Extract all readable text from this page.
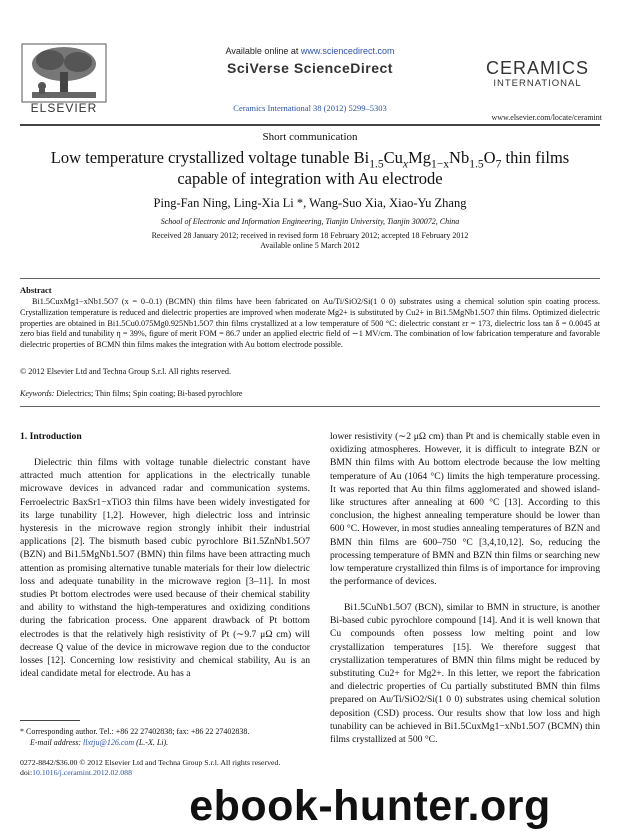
ELSEVIER
Available online at www.sciencedirect.com
SciVerse ScienceDirect
Ceramics International 38 (2012) 5299–5303
CERAMICS
INTERNATIONAL
www.elsevier.com/locate/ceramint
Short communication
Low temperature crystallized voltage tunable $Bi_{1.5}Cu_xMg_{1-x}Nb_{1.5}O_7$ thin films capable of integration with Au electrode
Ping-Fan Ning, Ling-Xia Li *, Wang-Suo Xia, Xiao-Yu Zhang
School of Electronic and Information Engineering, Tianjin University, Tianjin 300072, China
Received 28 January 2012; received in revised form 18 February 2012; accepted 18 February 2012
Available online 5 March 2012
Abstract
Bi1.5CuxMg1−xNb1.5O7 (x = 0–0.1) (BCMN) thin films have been fabricated on Au/Ti/SiO2/Si(1 0 0) substrates using a chemical solution spin coating process. Crystallization temperature is reduced and dielectric properties are improved when moderate Mg2+ is substituted by Cu2+ in Bi1.5MgNb1.5O7 thin films. Optimized dielectric properties are obtained in Bi1.5Cu0.075Mg0.925Nb1.5O7 thin films crystallized at a low temperature of 500 °C: dielectric constant εr = 173, dielectric loss tan δ = 0.0045 at zero bias field and tunability η = 39%, figure of merit FOM = 86.7 under an applied electric field of ∼1 MV/cm. The combination of low fabrication temperature and favorable dielectric properties of BCMN thin films makes the integration with Au bottom electrode possible.
© 2012 Elsevier Ltd and Techna Group S.r.l. All rights reserved.
Keywords: Dielectrics; Thin films; Spin coating; Bi-based pyrochlore
1. Introduction
Dielectric thin films with voltage tunable dielectric constant have attracted much attention for applications in the electrically tunable microwave devices in advanced radar and communication systems. Ferroelectric BaxSr1−xTiO3 thin films have been widely investigated for its large tunability [1,2]. However, high dielectric loss and intrinsic hysteresis in the microwave region strongly inhibit their industrial applications [2]. The bismuth based cubic pyrochlore Bi1.5ZnNb1.5O7 (BZN) and Bi1.5MgNb1.5O7 (BMN) thin films have been attracting much attention as promising alternative tunable materials for their low dielectric loss and adequate tunability in the microwave region [3–11]. In most studies Pt bottom electrodes were used because of their chemical stability and ability to withstand the high-temperatures and oxidizing conditions during the fabrication process. One apparent drawback of Pt bottom electrodes is that the relatively high resistivity of Pt (∼9.7 μΩ cm) will decrease Q value of the device in microwave region due to the conductor losses [12]. Concerning low resistivity and chemical stability, Au is an ideal candidate metal for electrode. Au has a
lower resistivity (∼2 μΩ cm) than Pt and is chemically stable even in oxidizing atmospheres. However, it is difficult to integrate BZN or BMN thin films with Au bottom electrode because the low melting temperature of Au (1064 °C) limits the high temperature processing. It was reported that Au thin films agglomerated and showed island-like structures after annealing at 600 °C [13]. According to this conclusion, the highest annealing temperature should be lower than 600 °C. However, in most studies annealing temperatures of BZN and BMN thin films are 600–750 °C [3,4,10,12]. So, reducing the processing temperature of BMN and BZN thin films or searching new low temperature crystallized thin films is of importance for improving the performance of devices.
Bi1.5CuNb1.5O7 (BCN), similar to BMN in structure, is another Bi-based cubic pyrochlore compound [14]. And it is well known that Cu compounds often possess low melting point and low crystallization temperatures [15]. We therefore suggest that crystallization temperatures of BMN thin films might be reduced by substituting Cu2+ for Mg2+. In this letter, we report the fabrication and dielectric properties of Cu partially substituted BMN thin films prepared on Au/Ti/SiO2/Si(1 0 0) substrates using chemical solution deposition (CSD) process. Our results show that low loss and high tunability can be achieved in Bi1.5CuxMg1−xNb1.5O7 (BCMN) thin films crystallized at 500 °C.
* Corresponding author. Tel.: +86 22 27402838; fax: +86 22 27402838.
E-mail address: llxtju@126.com (L.-X. Li).
0272-8842/$36.00 © 2012 Elsevier Ltd and Techna Group S.r.l. All rights reserved.
doi:10.1016/j.ceramint.2012.02.088
ebook-hunter.org
